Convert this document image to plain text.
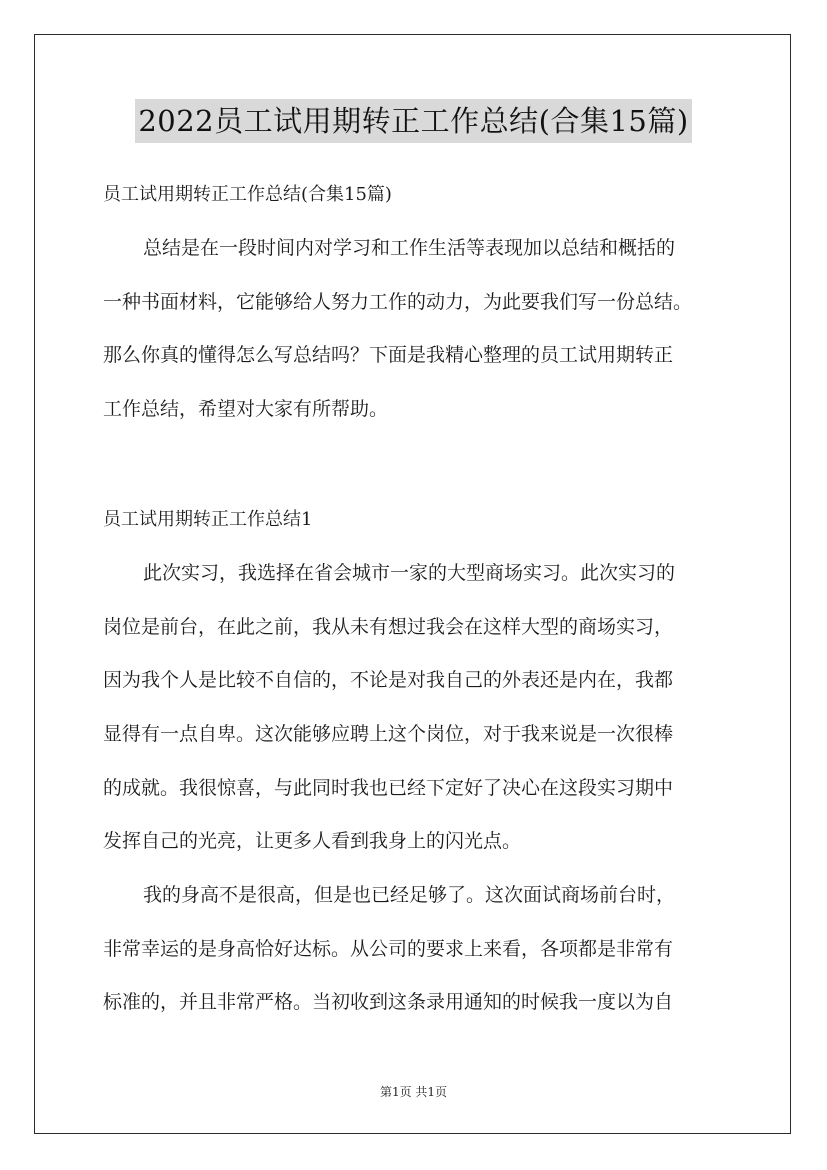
2022员工试用期转正工作总结(合集15篇)
员工试用期转正工作总结(合集15篇)
总结是在一段时间内对学习和工作生活等表现加以总结和概括的
一种书面材料，它能够给人努力工作的动力，为此要我们写一份总结。
那么你真的懂得怎么写总结吗？下面是我精心整理的员工试用期转正
工作总结，希望对大家有所帮助。
员工试用期转正工作总结1
此次实习，我选择在省会城市一家的大型商场实习。此次实习的
岗位是前台，在此之前，我从未有想过我会在这样大型的商场实习，
因为我个人是比较不自信的，不论是对我自己的外表还是内在，我都
显得有一点自卑。这次能够应聘上这个岗位，对于我来说是一次很棒
的成就。我很惊喜，与此同时我也已经下定好了决心在这段实习期中
发挥自己的光亮，让更多人看到我身上的闪光点。
我的身高不是很高，但是也已经足够了。这次面试商场前台时，
非常幸运的是身高恰好达标。从公司的要求上来看，各项都是非常有
标准的，并且非常严格。当初收到这条录用通知的时候我一度以为自
第1页 共1页
